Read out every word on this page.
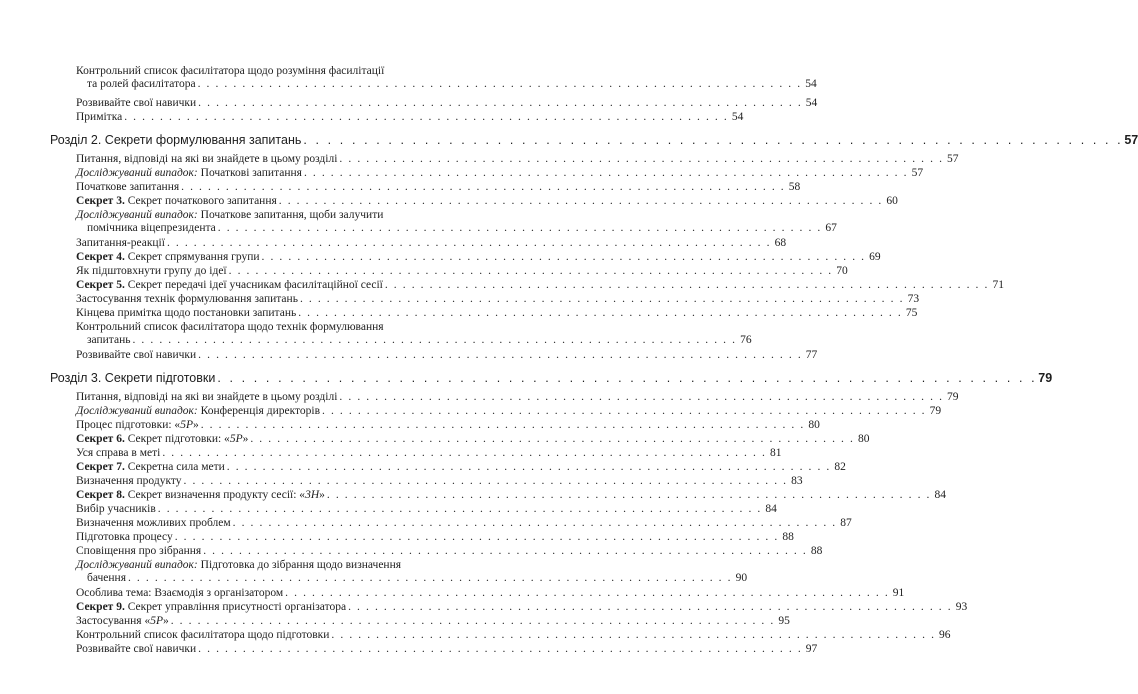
Контрольний список фасилітатора щодо розуміння фасилітації
та ролей фасилітатора . . . . . . . . . . . . . . . . . . . . . . . . . . . . . . . . . . . . . . . . . . . . . . . . . . . . . . . . . . . . . . . . . . . . 54
Розвивайте свої навички . . . . . . . . . . . . . . . . . . . . . . . . . . . . . . . . . . . . . . . . . . . . . . . . . . . . . . . . . . . . . . . . . . . . 54
Примітка . . . . . . . . . . . . . . . . . . . . . . . . . . . . . . . . . . . . . . . . . . . . . . . . . . . . . . . . . . . . . . . . . . . . 54
Розділ 2. Секрети формулювання запитань . . . . . . . . . . . . . . . . . . . . . . . . . . . . . . . . . . . . . . . . . . . . . . . . . . . . . . . . . . . . . . . . . . . . 57
Питання, відповіді на які ви знайдете в цьому розділі . . . . . . . . . . . . . . . . . . . . . . . . . . . . . . . . . . . . . . . . . . . . . . . . . . . . . . . . . . . . . . . . . . . . 57
Досліджуваний випадок: Початкові запитання . . . . . . . . . . . . . . . . . . . . . . . . . . . . . . . . . . . . . . . . . . . . . . . . . . . . . . . . . . . . . . . . . . . . 57
Початкове запитання . . . . . . . . . . . . . . . . . . . . . . . . . . . . . . . . . . . . . . . . . . . . . . . . . . . . . . . . . . . . . . . . . . . . 58
Секрет 3. Секрет початкового запитання . . . . . . . . . . . . . . . . . . . . . . . . . . . . . . . . . . . . . . . . . . . . . . . . . . . . . . . . . . . . . . . . . . . . 60
Досліджуваний випадок: Початкове запитання, щоби залучити
помічника віцепрезидента . . . . . . . . . . . . . . . . . . . . . . . . . . . . . . . . . . . . . . . . . . . . . . . . . . . . . . . . . . . . . . . . . . . . 67
Запитання-реакції . . . . . . . . . . . . . . . . . . . . . . . . . . . . . . . . . . . . . . . . . . . . . . . . . . . . . . . . . . . . . . . . . . . . 68
Секрет 4. Секрет спрямування групи . . . . . . . . . . . . . . . . . . . . . . . . . . . . . . . . . . . . . . . . . . . . . . . . . . . . . . . . . . . . . . . . . . . . 69
Як підштовхнути групу до ідеї . . . . . . . . . . . . . . . . . . . . . . . . . . . . . . . . . . . . . . . . . . . . . . . . . . . . . . . . . . . . . . . . . . . . 70
Секрет 5. Секрет передачі ідеї учасникам фасилітаційної сесії . . . . . . . . . . . . . . . . . . . . . . . . . . . . . . . . . . . . . . . . . . . . . . . . . . . . . . . . . . . . . . . . . . . . 71
Застосування технік формулювання запитань . . . . . . . . . . . . . . . . . . . . . . . . . . . . . . . . . . . . . . . . . . . . . . . . . . . . . . . . . . . . . . . . . . . . 73
Кінцева примітка щодо постановки запитань . . . . . . . . . . . . . . . . . . . . . . . . . . . . . . . . . . . . . . . . . . . . . . . . . . . . . . . . . . . . . . . . . . . . 75
Контрольний список фасилітатора щодо технік формулювання
запитань . . . . . . . . . . . . . . . . . . . . . . . . . . . . . . . . . . . . . . . . . . . . . . . . . . . . . . . . . . . . . . . . . . . . 76
Розвивайте свої навички . . . . . . . . . . . . . . . . . . . . . . . . . . . . . . . . . . . . . . . . . . . . . . . . . . . . . . . . . . . . . . . . . . . . 77
Розділ 3. Секрети підготовки . . . . . . . . . . . . . . . . . . . . . . . . . . . . . . . . . . . . . . . . . . . . . . . . . . . . . . . . . . . . . . . . . . . . 79
Питання, відповіді на які ви знайдете в цьому розділі . . . . . . . . . . . . . . . . . . . . . . . . . . . . . . . . . . . . . . . . . . . . . . . . . . . . . . . . . . . . . . . . . . . . 79
Досліджуваний випадок: Конференція директорів . . . . . . . . . . . . . . . . . . . . . . . . . . . . . . . . . . . . . . . . . . . . . . . . . . . . . . . . . . . . . . . . . . . . 79
Процес підготовки: «5P» . . . . . . . . . . . . . . . . . . . . . . . . . . . . . . . . . . . . . . . . . . . . . . . . . . . . . . . . . . . . . . . . . . . . 80
Секрет 6. Секрет підготовки: «5P» . . . . . . . . . . . . . . . . . . . . . . . . . . . . . . . . . . . . . . . . . . . . . . . . . . . . . . . . . . . . . . . . . . . . 80
Уся справа в меті . . . . . . . . . . . . . . . . . . . . . . . . . . . . . . . . . . . . . . . . . . . . . . . . . . . . . . . . . . . . . . . . . . . . 81
Секрет 7. Секретна сила мети . . . . . . . . . . . . . . . . . . . . . . . . . . . . . . . . . . . . . . . . . . . . . . . . . . . . . . . . . . . . . . . . . . . . 82
Визначення продукту . . . . . . . . . . . . . . . . . . . . . . . . . . . . . . . . . . . . . . . . . . . . . . . . . . . . . . . . . . . . . . . . . . . . 83
Секрет 8. Секрет визначення продукту сесії: «3H» . . . . . . . . . . . . . . . . . . . . . . . . . . . . . . . . . . . . . . . . . . . . . . . . . . . . . . . . . . . . . . . . . . . . 84
Вибір учасників . . . . . . . . . . . . . . . . . . . . . . . . . . . . . . . . . . . . . . . . . . . . . . . . . . . . . . . . . . . . . . . . . . . . 84
Визначення можливих проблем . . . . . . . . . . . . . . . . . . . . . . . . . . . . . . . . . . . . . . . . . . . . . . . . . . . . . . . . . . . . . . . . . . . . 87
Підготовка процесу . . . . . . . . . . . . . . . . . . . . . . . . . . . . . . . . . . . . . . . . . . . . . . . . . . . . . . . . . . . . . . . . . . . . 88
Сповіщення про зібрання . . . . . . . . . . . . . . . . . . . . . . . . . . . . . . . . . . . . . . . . . . . . . . . . . . . . . . . . . . . . . . . . . . . . 88
Досліджуваний випадок: Підготовка до зібрання щодо визначення
бачення . . . . . . . . . . . . . . . . . . . . . . . . . . . . . . . . . . . . . . . . . . . . . . . . . . . . . . . . . . . . . . . . . . . . 90
Особлива тема: Взаємодія з організатором . . . . . . . . . . . . . . . . . . . . . . . . . . . . . . . . . . . . . . . . . . . . . . . . . . . . . . . . . . . . . . . . . . . . 91
Секрет 9. Секрет управління присутності організатора . . . . . . . . . . . . . . . . . . . . . . . . . . . . . . . . . . . . . . . . . . . . . . . . . . . . . . . . . . . . . . . . . . . . 93
Застосування «5P» . . . . . . . . . . . . . . . . . . . . . . . . . . . . . . . . . . . . . . . . . . . . . . . . . . . . . . . . . . . . . . . . . . . . 95
Контрольний список фасилітатора щодо підготовки . . . . . . . . . . . . . . . . . . . . . . . . . . . . . . . . . . . . . . . . . . . . . . . . . . . . . . . . . . . . . . . . . . . . 96
Розвивайте свої навички . . . . . . . . . . . . . . . . . . . . . . . . . . . . . . . . . . . . . . . . . . . . . . . . . . . . . . . . . . . . . . . . . . . . 97
